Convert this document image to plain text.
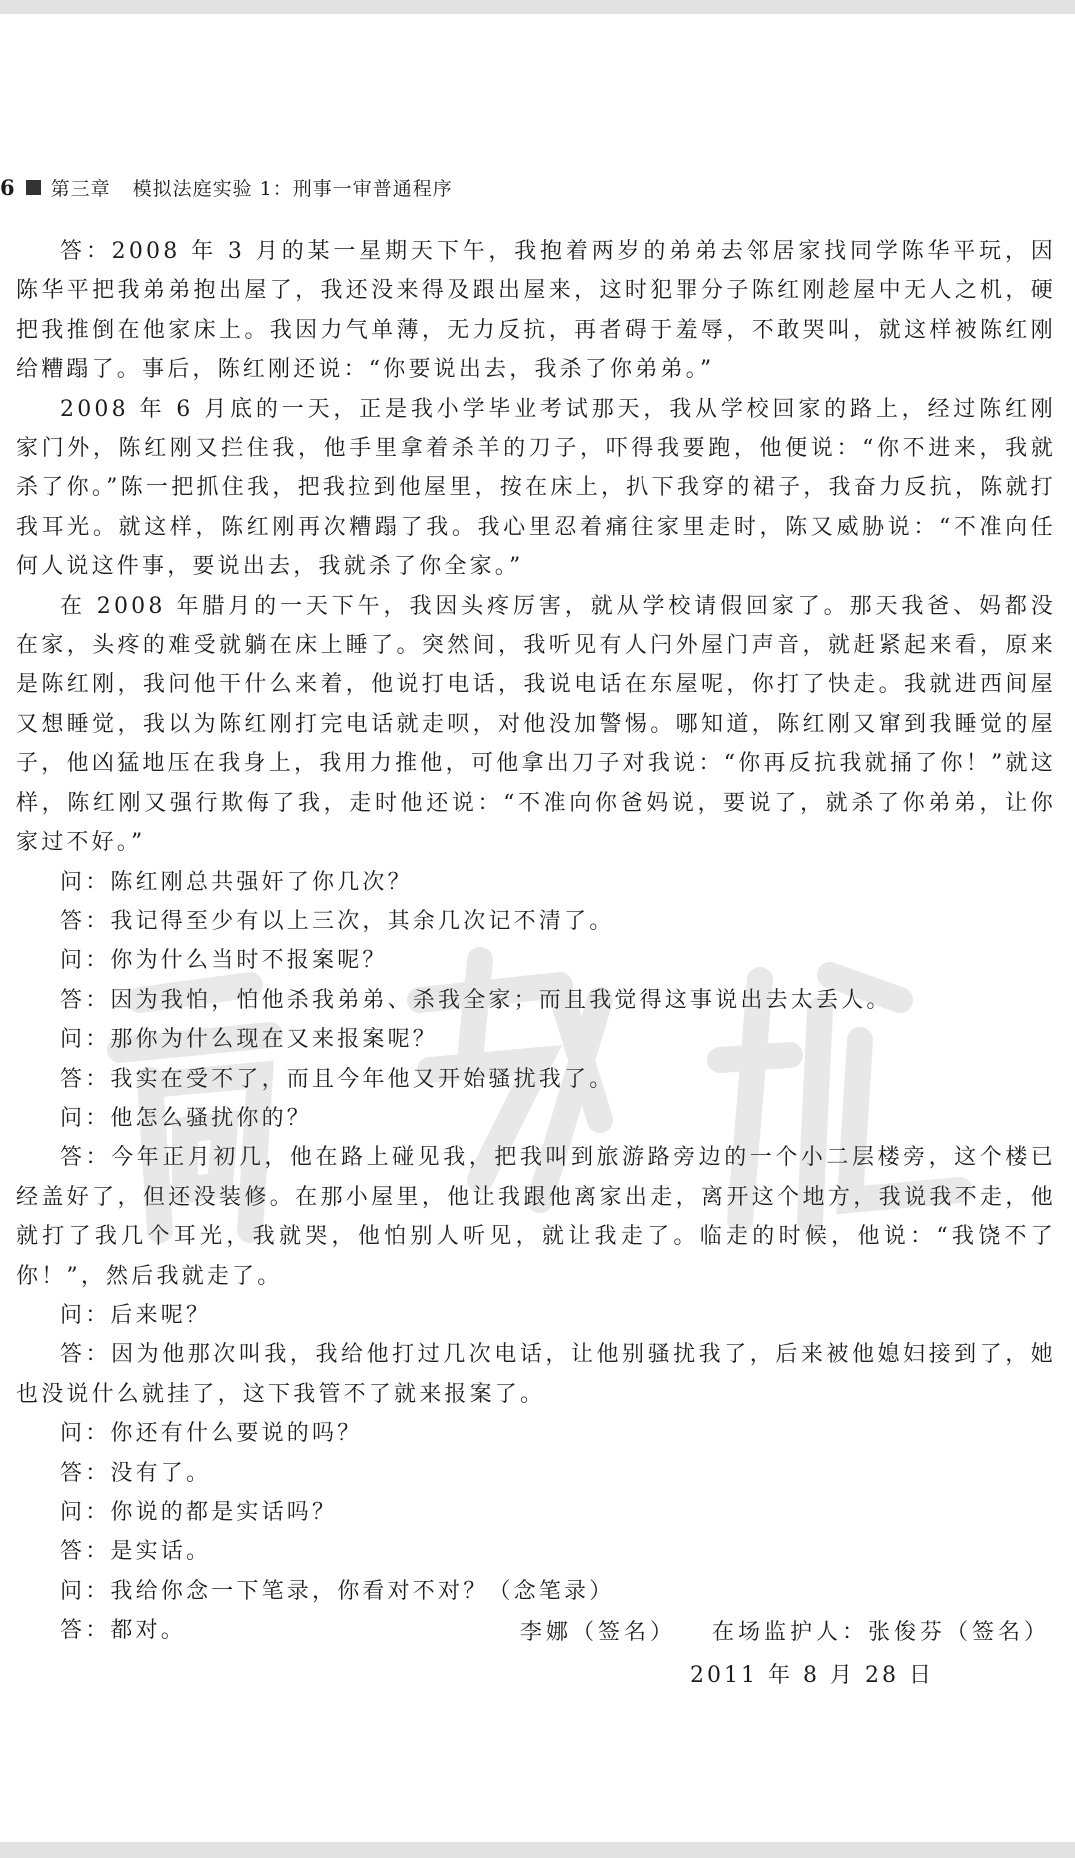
6 第三章 模拟法庭实验 1：刑事一审普通程序

答：2008 年 3 月的某一星期天下午，我抱着两岁的弟弟去邻居家找同学陈华平玩，因陈华平把我弟弟抱出屋了，我还没来得及跟出屋来，这时犯罪分子陈红刚趁屋中无人之机，硬把我推倒在他家床上。我因力气单薄，无力反抗，再者碍于羞辱，不敢哭叫，就这样被陈红刚给糟蹋了。事后，陈红刚还说：“你要说出去，我杀了你弟弟。”

2008 年 6 月底的一天，正是我小学毕业考试那天，我从学校回家的路上，经过陈红刚家门外，陈红刚又拦住我，他手里拿着杀羊的刀子，吓得我要跑，他便说：“你不进来，我就杀了你。”陈一把抓住我，把我拉到他屋里，按在床上，扒下我穿的裙子，我奋力反抗，陈就打我耳光。就这样，陈红刚再次糟蹋了我。我心里忍着痛往家里走时，陈又威胁说：“不准向任何人说这件事，要说出去，我就杀了你全家。”

在 2008 年腊月的一天下午，我因头疼厉害，就从学校请假回家了。那天我爸、妈都没在家，头疼的难受就躺在床上睡了。突然间，我听见有人闩外屋门声音，就赶紧起来看，原来是陈红刚，我问他干什么来着，他说打电话，我说电话在东屋呢，你打了快走。我就进西间屋又想睡觉，我以为陈红刚打完电话就走呗，对他没加警惕。哪知道，陈红刚又窜到我睡觉的屋子，他凶猛地压在我身上，我用力推他，可他拿出刀子对我说：“你再反抗我就捅了你！”就这样，陈红刚又强行欺侮了我，走时他还说：“不准向你爸妈说，要说了，就杀了你弟弟，让你家过不好。”

问：陈红刚总共强奸了你几次？

答：我记得至少有以上三次，其余几次记不清了。

问：你为什么当时不报案呢？

答：因为我怕，怕他杀我弟弟、杀我全家；而且我觉得这事说出去太丢人。

问：那你为什么现在又来报案呢？

答：我实在受不了，而且今年他又开始骚扰我了。

问：他怎么骚扰你的？

答：今年正月初几，他在路上碰见我，把我叫到旅游路旁边的一个小二层楼旁，这个楼已经盖好了，但还没装修。在那小屋里，他让我跟他离家出走，离开这个地方，我说我不走，他就打了我几个耳光，我就哭，他怕别人听见，就让我走了。临走的时候，他说：“我饶不了你！”，然后我就走了。

问：后来呢？

答：因为他那次叫我，我给他打过几次电话，让他别骚扰我了，后来被他媳妇接到了，她也没说什么就挂了，这下我管不了就来报案了。

问：你还有什么要说的吗？

答：没有了。

问：你说的都是实话吗？

答：是实话。

问：我给你念一下笔录，你看对不对？（念笔录）

答：都对。	李娜（签名） 在场监护人：张俊芬（签名）
2011 年 8 月 28 日
